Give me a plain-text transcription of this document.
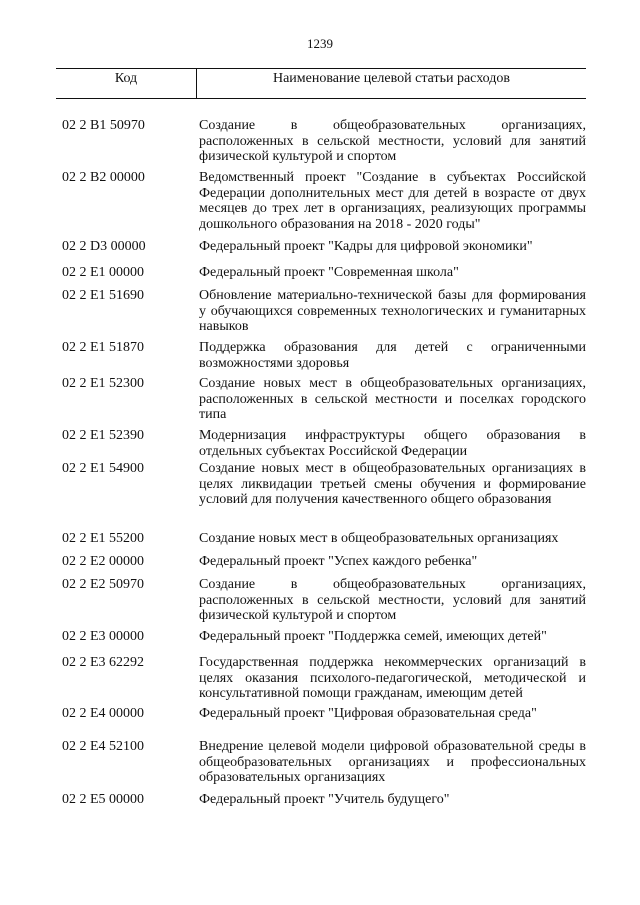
1239
Код	Наименование целевой статьи расходов
02 2 B1 50970	Создание в общеобразовательных организациях, расположенных в сельской местности, условий для занятий физической культурой и спортом
02 2 B2 00000	Ведомственный проект "Создание в субъектах Российской Федерации дополнительных мест для детей в возрасте от двух месяцев до трех лет в организациях, реализующих программы дошкольного образования на 2018 - 2020 годы"
02 2 D3 00000	Федеральный проект "Кадры для цифровой экономики"
02 2 E1 00000	Федеральный проект "Современная школа"
02 2 E1 51690	Обновление материально-технической базы для формирования у обучающихся современных технологических и гуманитарных навыков
02 2 E1 51870	Поддержка образования для детей с ограниченными возможностями здоровья
02 2 E1 52300	Создание новых мест в общеобразовательных организациях, расположенных в сельской местности и поселках городского типа
02 2 E1 52390	Модернизация инфраструктуры общего образования в отдельных субъектах Российской Федерации
02 2 E1 54900	Создание новых мест в общеобразовательных организациях в целях ликвидации третьей смены обучения и формирование условий для получения качественного общего образования
02 2 E1 55200	Создание новых мест в общеобразовательных организациях
02 2 E2 00000	Федеральный проект "Успех каждого ребенка"
02 2 E2 50970	Создание в общеобразовательных организациях, расположенных в сельской местности, условий для занятий физической культурой и спортом
02 2 E3 00000	Федеральный проект "Поддержка семей, имеющих детей"
02 2 E3 62292	Государственная поддержка некоммерческих организаций в целях оказания психолого-педагогической, методической и консультативной помощи гражданам, имеющим детей
02 2 E4 00000	Федеральный проект "Цифровая образовательная среда"
02 2 E4 52100	Внедрение целевой модели цифровой образовательной среды в общеобразовательных организациях и профессиональных образовательных организациях
02 2 E5 00000	Федеральный проект "Учитель будущего"
